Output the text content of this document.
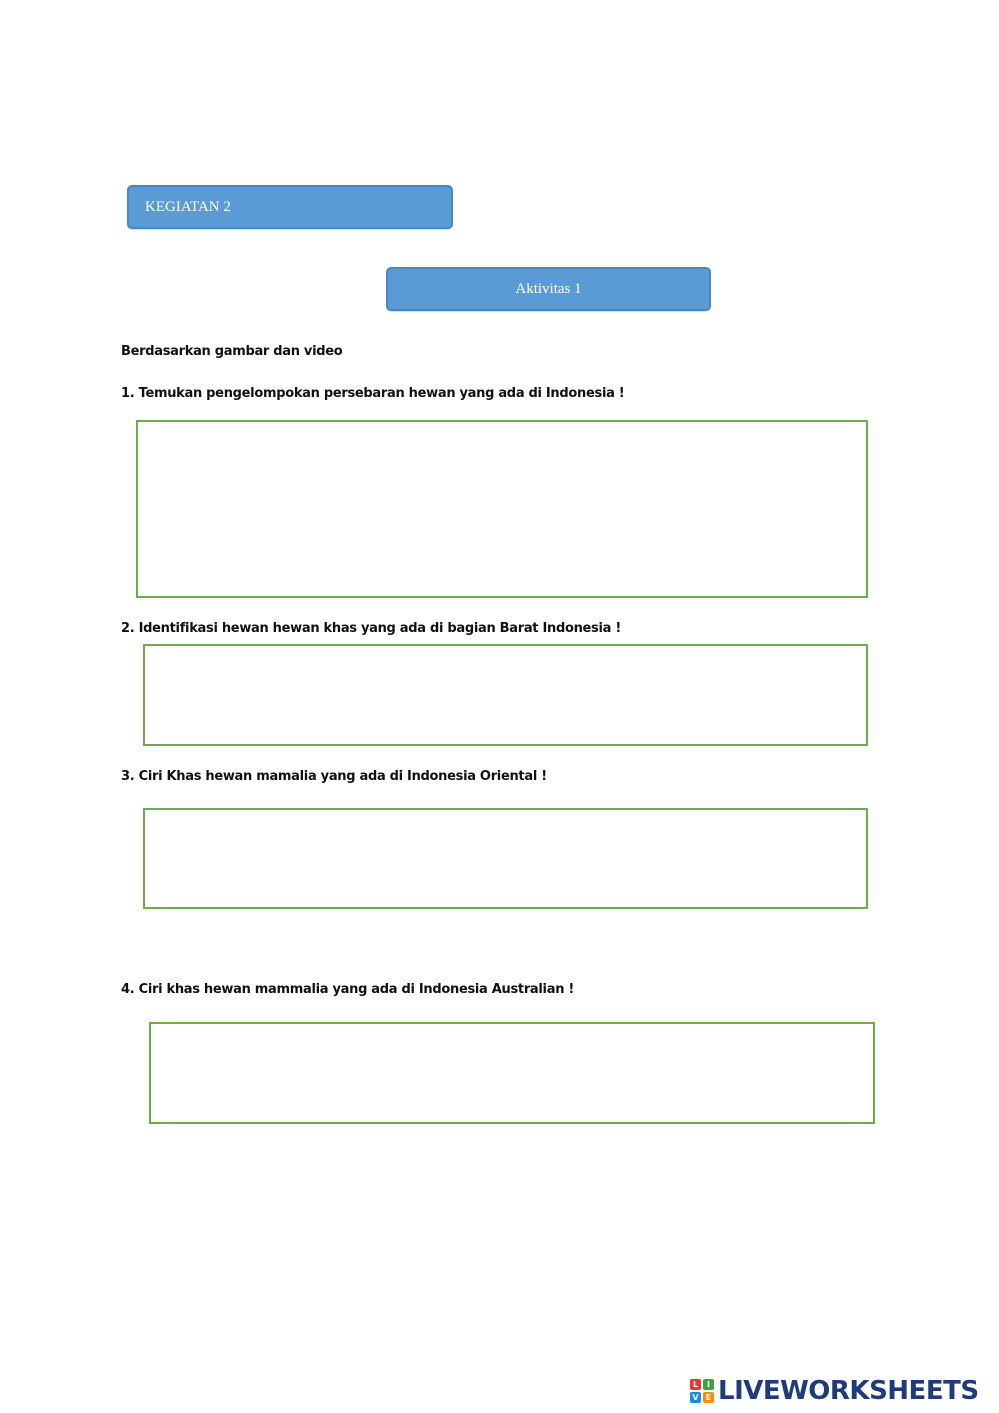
KEGIATAN 2
Aktivitas 1
Berdasarkan gambar dan video
1. Temukan pengelompokan persebaran hewan yang ada di Indonesia !
2. Identifikasi hewan hewan khas yang ada di bagian Barat Indonesia !
3. Ciri Khas hewan mamalia yang ada di Indonesia Oriental !
4. Ciri khas hewan mammalia yang ada di Indonesia Australian !
L	I
V E LIVEWORKSHEETS
